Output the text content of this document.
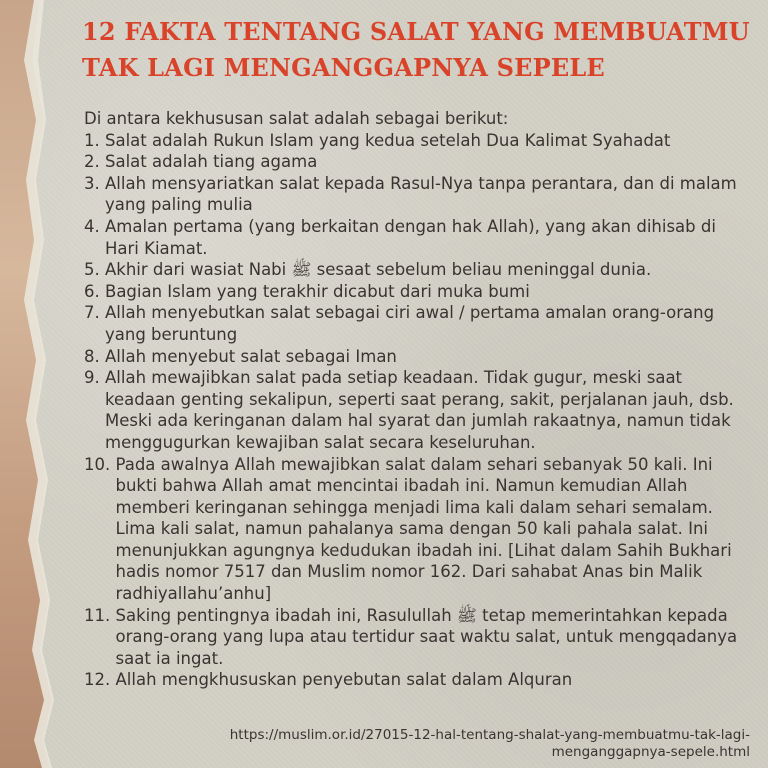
12 FAKTA TENTANG SALAT YANG MEMBUATMU
TAK LAGI MENGANGGAPNYA SEPELE
Di antara kekhususan salat adalah sebagai berikut:
1. Salat adalah Rukun Islam yang kedua setelah Dua Kalimat Syahadat
2. Salat adalah tiang agama
3. Allah mensyariatkan salat kepada Rasul-Nya tanpa perantara, dan di malam yang paling mulia
4. Amalan pertama (yang berkaitan dengan hak Allah), yang akan dihisab di Hari Kiamat.
5. Akhir dari wasiat Nabi ﷺ sesaat sebelum beliau meninggal dunia.
6. Bagian Islam yang terakhir dicabut dari muka bumi
7. Allah menyebutkan salat sebagai ciri awal / pertama amalan orang-orang yang beruntung
8. Allah menyebut salat sebagai Iman
9. Allah mewajibkan salat pada setiap keadaan. Tidak gugur, meski saat keadaan genting sekalipun, seperti saat perang, sakit, perjalanan jauh, dsb. Meski ada keringanan dalam hal syarat dan jumlah rakaatnya, namun tidak menggugurkan kewajiban salat secara keseluruhan.
10. Pada awalnya Allah mewajibkan salat dalam sehari sebanyak 50 kali. Ini bukti bahwa Allah amat mencintai ibadah ini. Namun kemudian Allah memberi keringanan sehingga menjadi lima kali dalam sehari semalam. Lima kali salat, namun pahalanya sama dengan 50 kali pahala salat. Ini menunjukkan agungnya kedudukan ibadah ini. [Lihat dalam Sahih Bukhari hadis nomor 7517 dan Muslim nomor 162. Dari sahabat Anas bin Malik radhiyallahu’anhu]
11. Saking pentingnya ibadah ini, Rasulullah ﷺ tetap memerintahkan kepada orang-orang yang lupa atau tertidur saat waktu salat, untuk mengqadanya saat ia ingat.
12. Allah mengkhususkan penyebutan salat dalam Alquran
https://muslim.or.id/27015-12-hal-tentang-shalat-yang-membuatmu-tak-lagi-
menganggapnya-sepele.html
